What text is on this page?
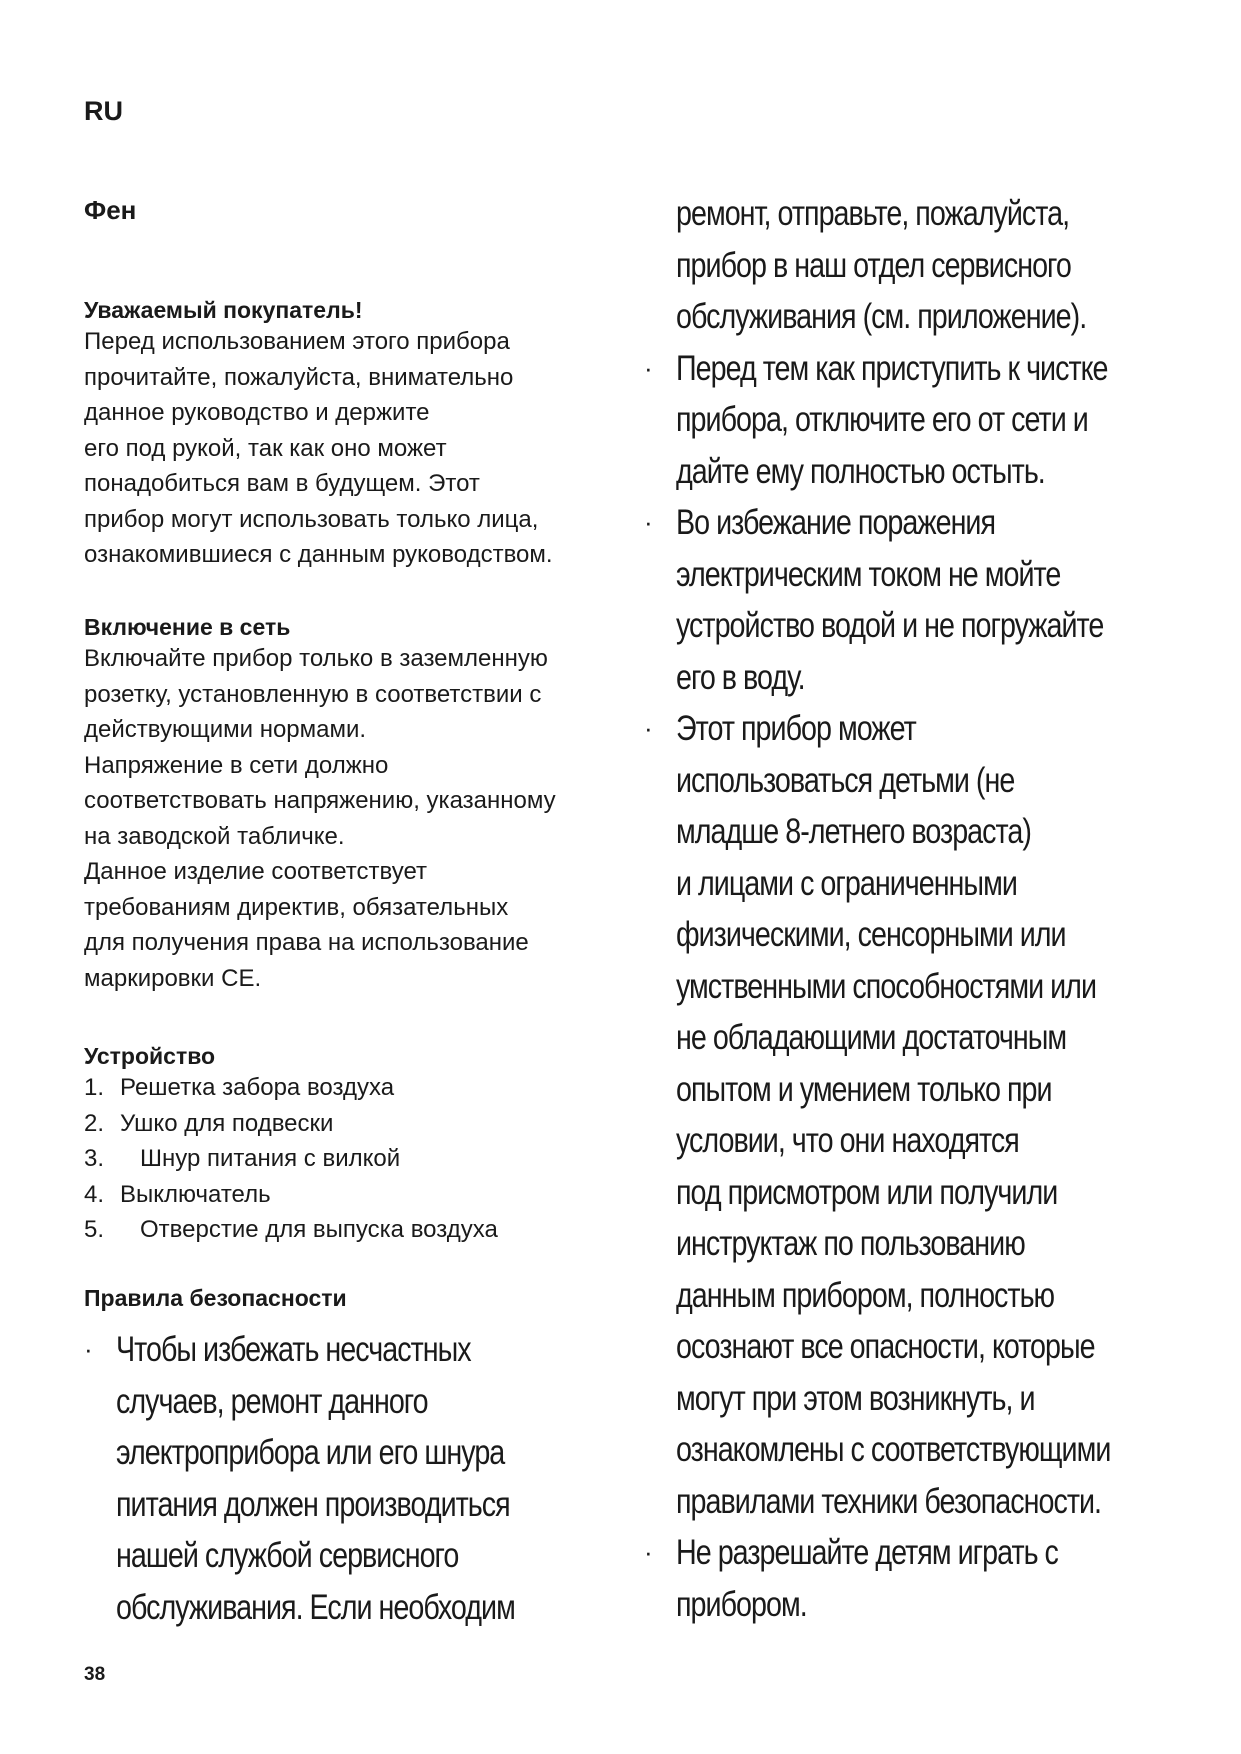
RU
Фен
Уважаемый покупатель!

Перед использованием этого прибора
прочитайте, пожалуйста, внимательно
данное руководство и держите
его под рукой, так как оно может
понадобиться вам в будущем. Этот
прибор могут использовать только лица,
ознакомившиеся с данным руководством.

Включение в сеть

Включайте прибор только в заземленную
розетку, установленную в соответствии с
действующими нормами.
Напряжение в сети должно
соответствовать напряжению, указанному
на заводской табличке.
Данное изделие соответствует
требованиям директив, обязательных
для получения права на использование
маркировки CE.

Устройство
1. Решетка забора воздуха
2. Ушко для подвески
3. Шнур питания с вилкой
4. Выключатель
5. Отверстие для выпуска воздуха
Правила безопасности
· Чтобы избежать несчастных
случаев, ремонт данного
электроприбора или его шнура
питания должен производиться
нашей службой сервисного
обслуживания. Если необходим
38

ремонт, отправьте, пожалуйста,
прибор в наш отдел сервисного
обслуживания (см. приложение).

· Перед тем как приступить к чистке
прибора, отключите его от сети и
дайте ему полностью остыть.
· Во избежание поражения
электрическим током не мойте
устройство водой и не погружайте
его в воду.
· Этот прибор может
использоваться детьми (не
младше 8-летнего возраста)
и лицами с ограниченными
физическими, сенсорными или
умственными способностями или
не обладающими достаточным
опытом и умением только при
условии, что они находятся
под присмотром или получили
инструктаж по пользованию
данным прибором, полностью
осознают все опасности, которые
могут при этом возникнуть, и
ознакомлены с соответствующими
правилами техники безопасности.
· Не разрешайте детям играть с
прибором.
